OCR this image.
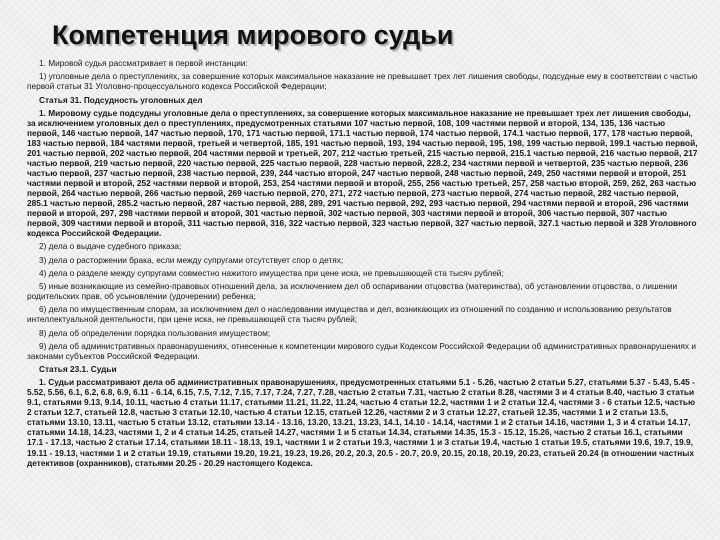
Компетенция мирового судьи

1. Мировой судья рассматривает в первой инстанции:

1) уголовные дела о преступлениях, за совершение которых максимальное наказание не превышает трех лет лишения свободы, подсудные ему в соответствии с частью первой статьи 31 Уголовно-процессуального кодекса Российской Федерации;

Статья 31. Подсудность уголовных дел

1. Мировому судье подсудны уголовные дела о преступлениях, за совершение которых максимальное наказание не превышает трех лет лишения свободы, за исключением уголовных дел о преступлениях, предусмотренных статьями 107 частью первой, 108, 109 частями первой и второй, 134, 135, 136 частью первой, 146 частью первой, 147 частью первой, 170, 171 частью первой, 171.1 частью первой, 174 частью первой, 174.1 частью первой, 177, 178 частью первой, 183 частью первой, 184 частями первой, третьей и четвертой, 185, 191 частью первой, 193, 194 частью первой, 195, 198, 199 частью первой, 199.1 частью первой, 201 частью первой, 202 частью первой, 204 частями первой и третьей, 207, 212 частью третьей, 215 частью первой, 215.1 частью первой, 216 частью первой, 217 частью первой, 219 частью первой, 220 частью первой, 225 частью первой, 228 частью первой, 228.2, 234 частями первой и четвертой, 235 частью первой, 236 частью первой, 237 частью первой, 238 частью первой, 239, 244 частью второй, 247 частью первой, 248 частью первой, 249, 250 частями первой и второй, 251 частями первой и второй, 252 частями первой и второй, 253, 254 частями первой и второй, 255, 256 частью третьей, 257, 258 частью второй, 259, 262, 263 частью первой, 264 частью первой, 266 частью первой, 269 частью первой, 270, 271, 272 частью первой, 273 частью первой, 274 частью первой, 282 частью первой, 285.1 частью первой, 285.2 частью первой, 287 частью первой, 288, 289, 291 частью первой, 292, 293 частью первой, 294 частями первой и второй, 296 частями первой и второй, 297, 298 частями первой и второй, 301 частью первой, 302 частью первой, 303 частями первой и второй, 306 частью первой, 307 частью первой, 309 частями первой и второй, 311 частью первой, 316, 322 частью первой, 323 частью первой, 327 частью первой, 327.1 частью первой и 328 Уголовного кодекса Российской Федерации.

2) дела о выдаче судебного приказа;

3) дела о расторжении брака, если между супругами отсутствует спор о детях;

4) дела о разделе между супругами совместно нажитого имущества при цене иска, не превышающей ста тысяч рублей;

5) иные возникающие из семейно-правовых отношений дела, за исключением дел об оспаривании отцовства (материнства), об установлении отцовства, о лишении родительских прав, об усыновлении (удочерении) ребенка;

6) дела по имущественным спорам, за исключением дел о наследовании имущества и дел, возникающих из отношений по созданию и использованию результатов интеллектуальной деятельности, при цене иска, не превышающей ста тысяч рублей;

8) дела об определении порядка пользования имуществом;

9) дела об административных правонарушениях, отнесенные к компетенции мирового судьи Кодексом Российской Федерации об административных правонарушениях и законами субъектов Российской Федерации.

Статья 23.1. Судьи

1. Судьи рассматривают дела об административных правонарушениях, предусмотренных статьями 5.1 - 5.26, частью 2 статьи 5.27, статьями 5.37 - 5.43, 5.45 - 5.52, 5.56, 6.1, 6.2, 6.8, 6.9, 6.11 - 6.14, 6.15, 7.5, 7.12, 7.15, 7.17, 7.24, 7.27, 7.28, частью 2 статьи 7.31, частью 2 статьи 8.28, частями 3 и 4 статьи 8.40, частью 3 статьи 9.1, статьями 9.13, 9.14, 10.11, частью 4 статьи 11.17, статьями 11.21, 11.22, 11.24, частью 4 статьи 12.2, частями 1 и 2 статьи 12.4, частями 3 - 6 статьи 12.5, частью 2 статьи 12.7, статьей 12.8, частью 3 статьи 12.10, частью 4 статьи 12.15, статьей 12.26, частями 2 и 3 статьи 12.27, статьей 12.35, частями 1 и 2 статьи 13.5, статьями 13.10, 13.11, частью 5 статьи 13.12, статьями 13.14 - 13.16, 13.20, 13.21, 13.23, 14.1, 14.10 - 14.14, частями 1 и 2 статьи 14.16, частями 1, 3 и 4 статьи 14.17, статьями 14.18, 14.23, частями 1, 2 и 4 статьи 14.25, статьей 14.27, частями 1 и 5 статьи 14.34, статьями 14.35, 15.3 - 15.12, 15.26, частью 2 статьи 16.1, статьями 17.1 - 17.13, частью 2 статьи 17.14, статьями 18.11 - 18.13, 19.1, частями 1 и 2 статьи 19.3, частями 1 и 3 статьи 19.4, частью 1 статьи 19.5, статьями 19.6, 19.7, 19.9, 19.11 - 19.13, частями 1 и 2 статьи 19.19, статьями 19.20, 19.21, 19.23, 19.26, 20.2, 20.3, 20.5 - 20.7, 20.9, 20.15, 20.18, 20.19, 20.23, статьей 20.24 (в отношении частных детективов (охранников), статьями 20.25 - 20.29 настоящего Кодекса.
